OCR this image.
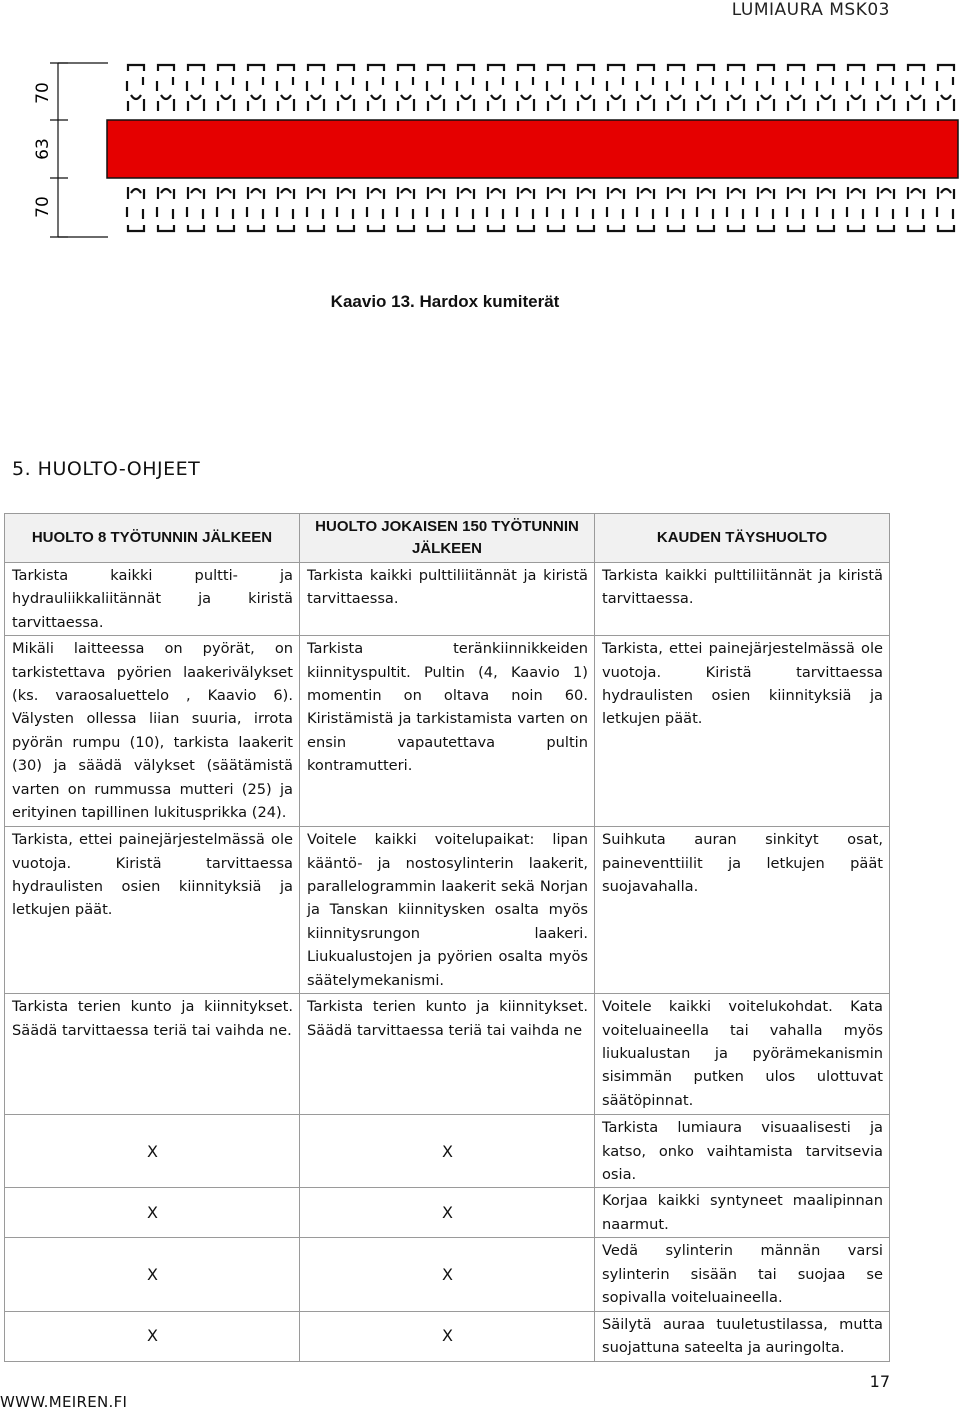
LUMIAURA MSK03
70
63
70
Kaavio 13. Hardox kumiterät
5. HUOLTO-OHJEET
HUOLTO 8 TYÖTUNNIN JÄLKEEN	HUOLTO JOKAISEN 150 TYÖTUNNIN JÄLKEEN	KAUDEN TÄYSHUOLTO
Tarkista kaikki pultti- ja hydrauliikkaliitännät ja kiristä tarvittaessa.	Tarkista kaikki pulttiliitännät ja kiristä tarvittaessa.	Tarkista kaikki pulttiliitännät ja kiristä tarvittaessa.
Mikäli laitteessa on pyörät, on tarkistettava pyörien laakerivälykset (ks. varaosaluettelo , Kaavio 6). Välysten ollessa liian suuria, irrota pyörän rumpu (10), tarkista laakerit (30) ja säädä välykset (säätämistä varten on rummussa mutteri (25) ja erityinen tapillinen lukitusprikka (24).	Tarkista teränkiinnikkeiden kiinnityspultit. Pultin (4, Kaavio 1) momentin on oltava noin 60. Kiristämistä ja tarkistamista varten on ensin vapautettava pultin kontramutteri.	Tarkista, ettei painejärjestelmässä ole vuotoja. Kiristä tarvittaessa hydraulisten osien kiinnityksiä ja letkujen päät.
Tarkista, ettei painejärjestelmässä ole vuotoja. Kiristä tarvittaessa hydraulisten osien kiinnityksiä ja letkujen päät.	Voitele kaikki voitelupaikat: lipan kääntö- ja nostosylinterin laakerit, parallelogrammin laakerit sekä Norjan ja Tanskan kiinnitysken osalta myös kiinnitysrungon laakeri. Liukualustojen ja pyörien osalta myös säätelymekanismi.	Suihkuta auran sinkityt osat, paineventtiilit ja letkujen päät suojavahalla.
Tarkista terien kunto ja kiinnitykset. Säädä tarvittaessa teriä tai vaihda ne.	Tarkista terien kunto ja kiinnitykset. Säädä tarvittaessa teriä tai vaihda ne	Voitele kaikki voitelukohdat. Kata voiteluaineella tai vahalla myös liukualustan ja pyörämekanismin sisimmän putken ulos ulottuvat säätöpinnat.
X	X	Tarkista lumiaura visuaalisesti ja katso, onko vaihtamista tarvitsevia osia.
X	X	Korjaa kaikki syntyneet maalipinnan naarmut.
X	X	Vedä sylinterin männän varsi sylinterin sisään tai suojaa se sopivalla voiteluaineella.
X	X	Säilytä auraa tuuletustilassa, mutta suojattuna sateelta ja auringolta.
WWW.MEIREN.FI
17
